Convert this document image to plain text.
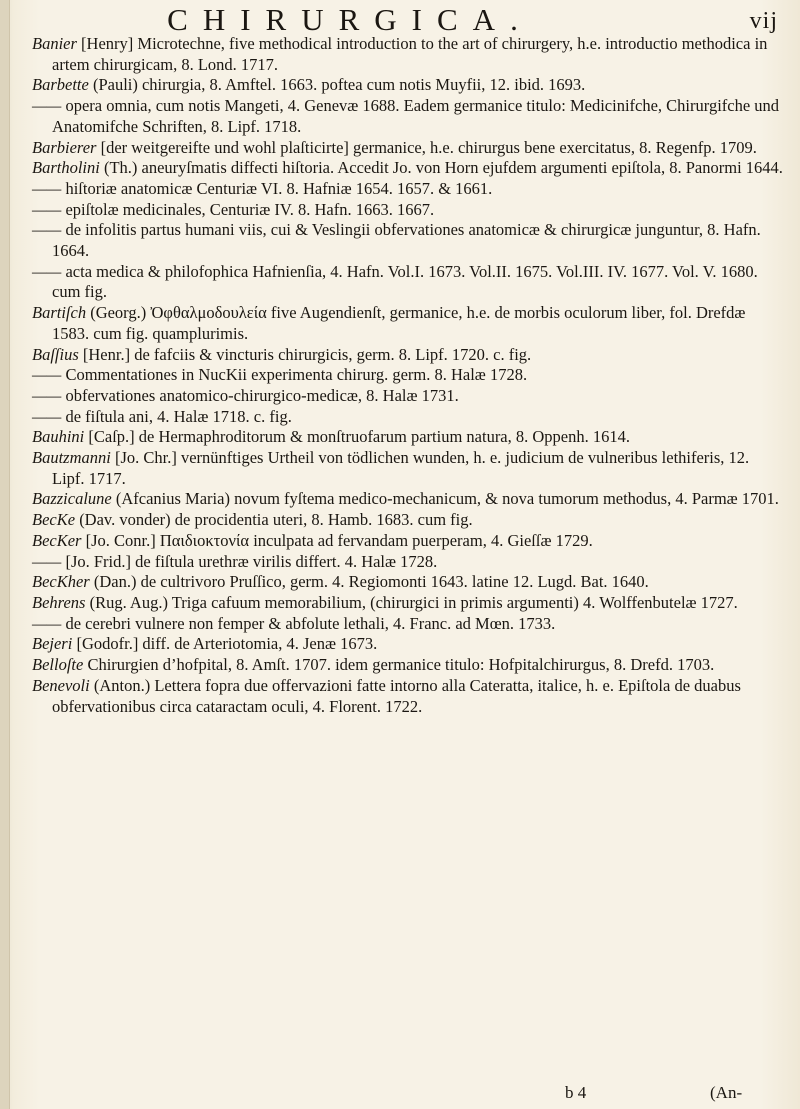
CHIRURGICA.	vij

Banier [Henry] Microtechne, five methodical introduction to the art of chirurgery, h.e. introductio methodica in artem chirurgicam, 8. Lond. 1717.

Barbette (Pauli) chirurgia, 8. Amftel. 1663. poftea cum notis Muyfii, 12. ibid. 1693.

—— opera omnia, cum notis Mangeti, 4. Genevæ 1688. Eadem germanice titulo: Medicinifche, Chirurgifche und Anatomifche Schriften, 8. Lipf. 1718.

Barbierer [der weitgereifte und wohl plaſticirte] germanice, h.e. chirurgus bene exercitatus, 8. Regenfp. 1709.

Bartholini (Th.) aneuryſmatis diffecti hiſtoria. Accedit Jo. von Horn ejufdem argumenti epiſtola, 8. Panormi 1644.

—— hiſtoriæ anatomicæ Centuriæ VI. 8. Hafniæ 1654. 1657. & 1661.

—— epiſtolæ medicinales, Centuriæ IV. 8. Hafn. 1663. 1667.

—— de infolitis partus humani viis, cui & Veslingii obfervationes anatomicæ & chirurgicæ junguntur, 8. Hafn. 1664.

—— acta medica & philofophica Hafnienſia, 4. Hafn. Vol.I. 1673. Vol.II. 1675. Vol.III. IV. 1677. Vol. V. 1680. cum fig.

Bartiſch (Georg.) Ὀφθαλμοδουλεία five Augendienſt, germanice, h.e. de morbis oculorum liber, fol. Drefdæ 1583. cum fig. quamplurimis.

Baſſius [Henr.] de fafciis & vincturis chirurgicis, germ. 8. Lipf. 1720. c. fig.

—— Commentationes in NucKii experimenta chirurg. germ. 8. Halæ 1728.

—— obfervationes anatomico-chirurgico-medicæ, 8. Halæ 1731.

—— de fiſtula ani, 4. Halæ 1718. c. fig.

Bauhini [Caſp.] de Hermaphroditorum & monſtruofarum partium natura, 8. Oppenh. 1614.

Bautzmanni [Jo. Chr.] vernünftiges Urtheil von tödlichen wunden, h. e. judicium de vulneribus lethiferis, 12. Lipf. 1717.

Bazzicalune (Afcanius Maria) novum fyſtema medico-mechanicum, & nova tumorum methodus, 4. Parmæ 1701.

BecKe (Dav. vonder) de procidentia uteri, 8. Hamb. 1683. cum fig.

BecKer [Jo. Conr.] Παιδιοκτονία inculpata ad fervandam puerperam, 4. Gieſſæ 1729.

—— [Jo. Frid.] de fiſtula urethræ virilis differt. 4. Halæ 1728.

BecKher (Dan.) de cultrivoro Pruſſico, germ. 4. Regiomonti 1643. latine 12. Lugd. Bat. 1640.

Behrens (Rug. Aug.) Triga cafuum memorabilium, (chirurgici in primis argumenti) 4. Wolffenbutelæ 1727.

—— de cerebri vulnere non femper & abfolute lethali, 4. Franc. ad Mœn. 1733.

Bejeri [Godofr.] diff. de Arteriotomia, 4. Jenæ 1673.

Belloſte Chirurgien d’hofpital, 8. Amſt. 1707. idem germanice titulo: Hofpitalchirurgus, 8. Drefd. 1703.

Benevoli (Anton.) Lettera fopra due offervazioni fatte intorno alla Cateratta, italice, h. e. Epiſtola de duabus obfervationibus circa cataractam oculi, 4. Florent. 1722.

b 4	(An-
